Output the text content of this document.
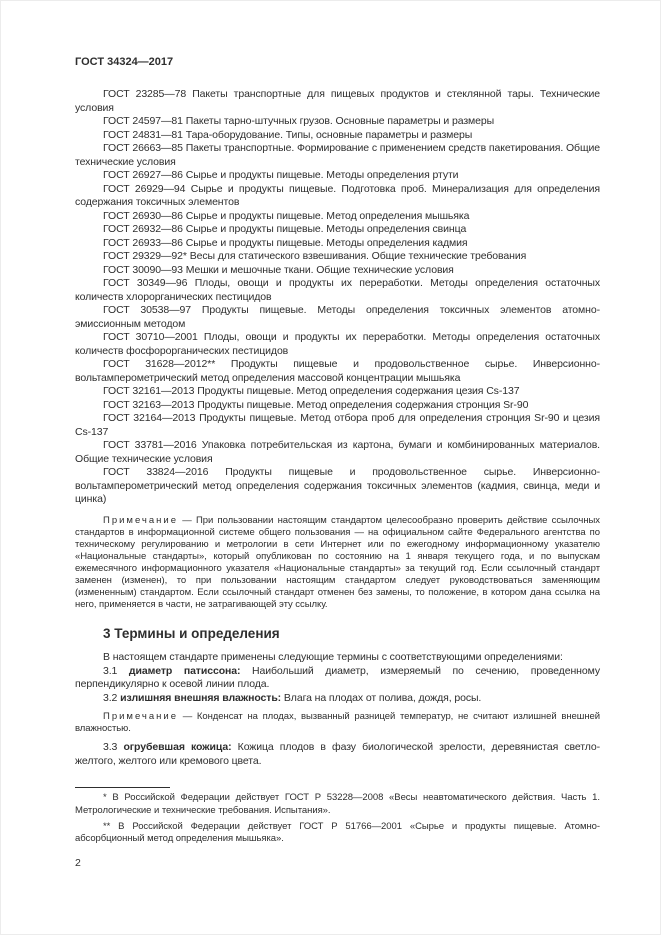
ГОСТ 34324—2017

ГОСТ 23285—78 Пакеты транспортные для пищевых продуктов и стеклянной тары. Технические условия

ГОСТ 24597—81 Пакеты тарно-штучных грузов. Основные параметры и размеры

ГОСТ 24831—81 Тара-оборудование. Типы, основные параметры и размеры

ГОСТ 26663—85 Пакеты транспортные. Формирование с применением средств пакетирования. Общие технические условия

ГОСТ 26927—86 Сырье и продукты пищевые. Методы определения ртути

ГОСТ 26929—94 Сырье и продукты пищевые. Подготовка проб. Минерализация для определения содержания токсичных элементов

ГОСТ 26930—86 Сырье и продукты пищевые. Метод определения мышьяка

ГОСТ 26932—86 Сырье и продукты пищевые. Методы определения свинца

ГОСТ 26933—86 Сырье и продукты пищевые. Методы определения кадмия

ГОСТ 29329—92* Весы для статического взвешивания. Общие технические требования

ГОСТ 30090—93 Мешки и мешочные ткани. Общие технические условия

ГОСТ 30349—96 Плоды, овощи и продукты их переработки. Методы определения остаточных количеств хлорорганических пестицидов

ГОСТ 30538—97 Продукты пищевые. Методы определения токсичных элементов атомно-эмиссионным методом

ГОСТ 30710—2001 Плоды, овощи и продукты их переработки. Методы определения остаточных количеств фосфорорганических пестицидов

ГОСТ 31628—2012** Продукты пищевые и продовольственное сырье. Инверсионно-вольтамперометрический метод определения массовой концентрации мышьяка

ГОСТ 32161—2013 Продукты пищевые. Метод определения содержания цезия Cs-137

ГОСТ 32163—2013 Продукты пищевые. Метод определения содержания стронция Sr-90

ГОСТ 32164—2013 Продукты пищевые. Метод отбора проб для определения стронция Sr-90 и цезия Cs-137

ГОСТ 33781—2016 Упаковка потребительская из картона, бумаги и комбинированных материалов. Общие технические условия

ГОСТ 33824—2016 Продукты пищевые и продовольственное сырье. Инверсионно-вольтамперометрический метод определения содержания токсичных элементов (кадмия, свинца, меди и цинка)

Примечание — При пользовании настоящим стандартом целесообразно проверить действие ссылочных стандартов в информационной системе общего пользования — на официальном сайте Федерального агентства по техническому регулированию и метрологии в сети Интернет или по ежегодному информационному указателю «Национальные стандарты», который опубликован по состоянию на 1 января текущего года, и по выпускам ежемесячного информационного указателя «Национальные стандарты» за текущий год. Если ссылочный стандарт заменен (изменен), то при пользовании настоящим стандартом следует руководствоваться заменяющим (измененным) стандартом. Если ссылочный стандарт отменен без замены, то положение, в котором дана ссылка на него, применяется в части, не затрагивающей эту ссылку.

3 Термины и определения

В настоящем стандарте применены следующие термины с соответствующими определениями:

3.1 диаметр патиссона: Наибольший диаметр, измеряемый по сечению, проведенному перпендикулярно к осевой линии плода.

3.2 излишняя внешняя влажность: Влага на плодах от полива, дождя, росы.

Примечание — Конденсат на плодах, вызванный разницей температур, не считают излишней внешней влажностью.

3.3 огрубевшая кожица: Кожица плодов в фазу биологической зрелости, деревянистая светло-желтого, желтого или кремового цвета.

* В Российской Федерации действует ГОСТ Р 53228—2008 «Весы неавтоматического действия. Часть 1. Метрологические и технические требования. Испытания».

** В Российской Федерации действует ГОСТ Р 51766—2001 «Сырье и продукты пищевые. Атомно-абсорбционный метод определения мышьяка».

2
